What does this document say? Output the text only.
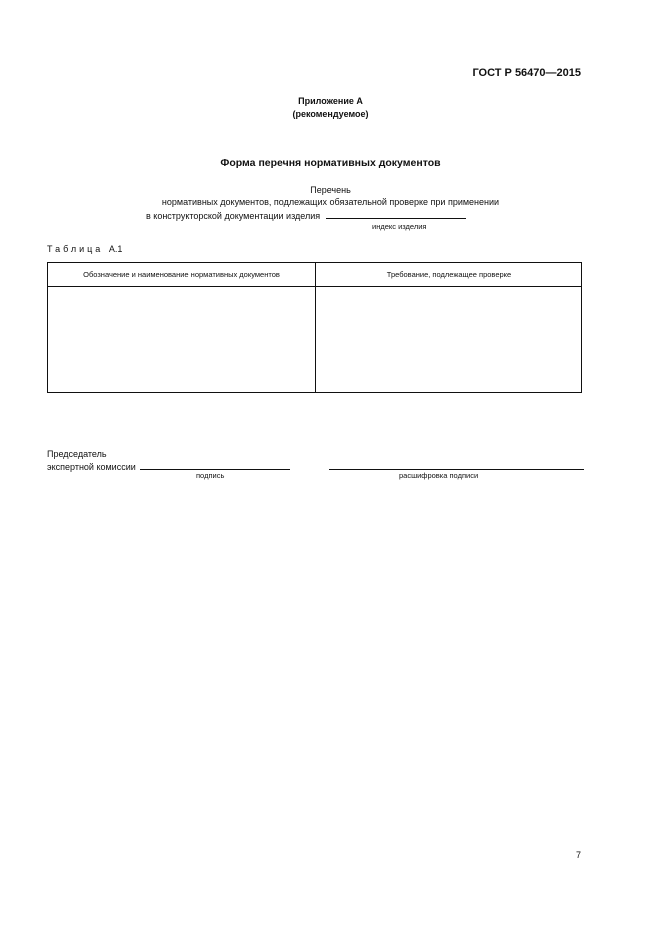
ГОСТ Р 56470—2015
Приложение А
(рекомендуемое)
Форма перечня нормативных документов
Перечень
нормативных документов, подлежащих обязательной проверке при применении
в конструкторской документации изделия
индекс изделия
Таблица А.1
Обозначение и наименование нормативных документов	Требование, подлежащее проверке
Председатель
экспертной комиссии
подпись	расшифровка подписи
7
